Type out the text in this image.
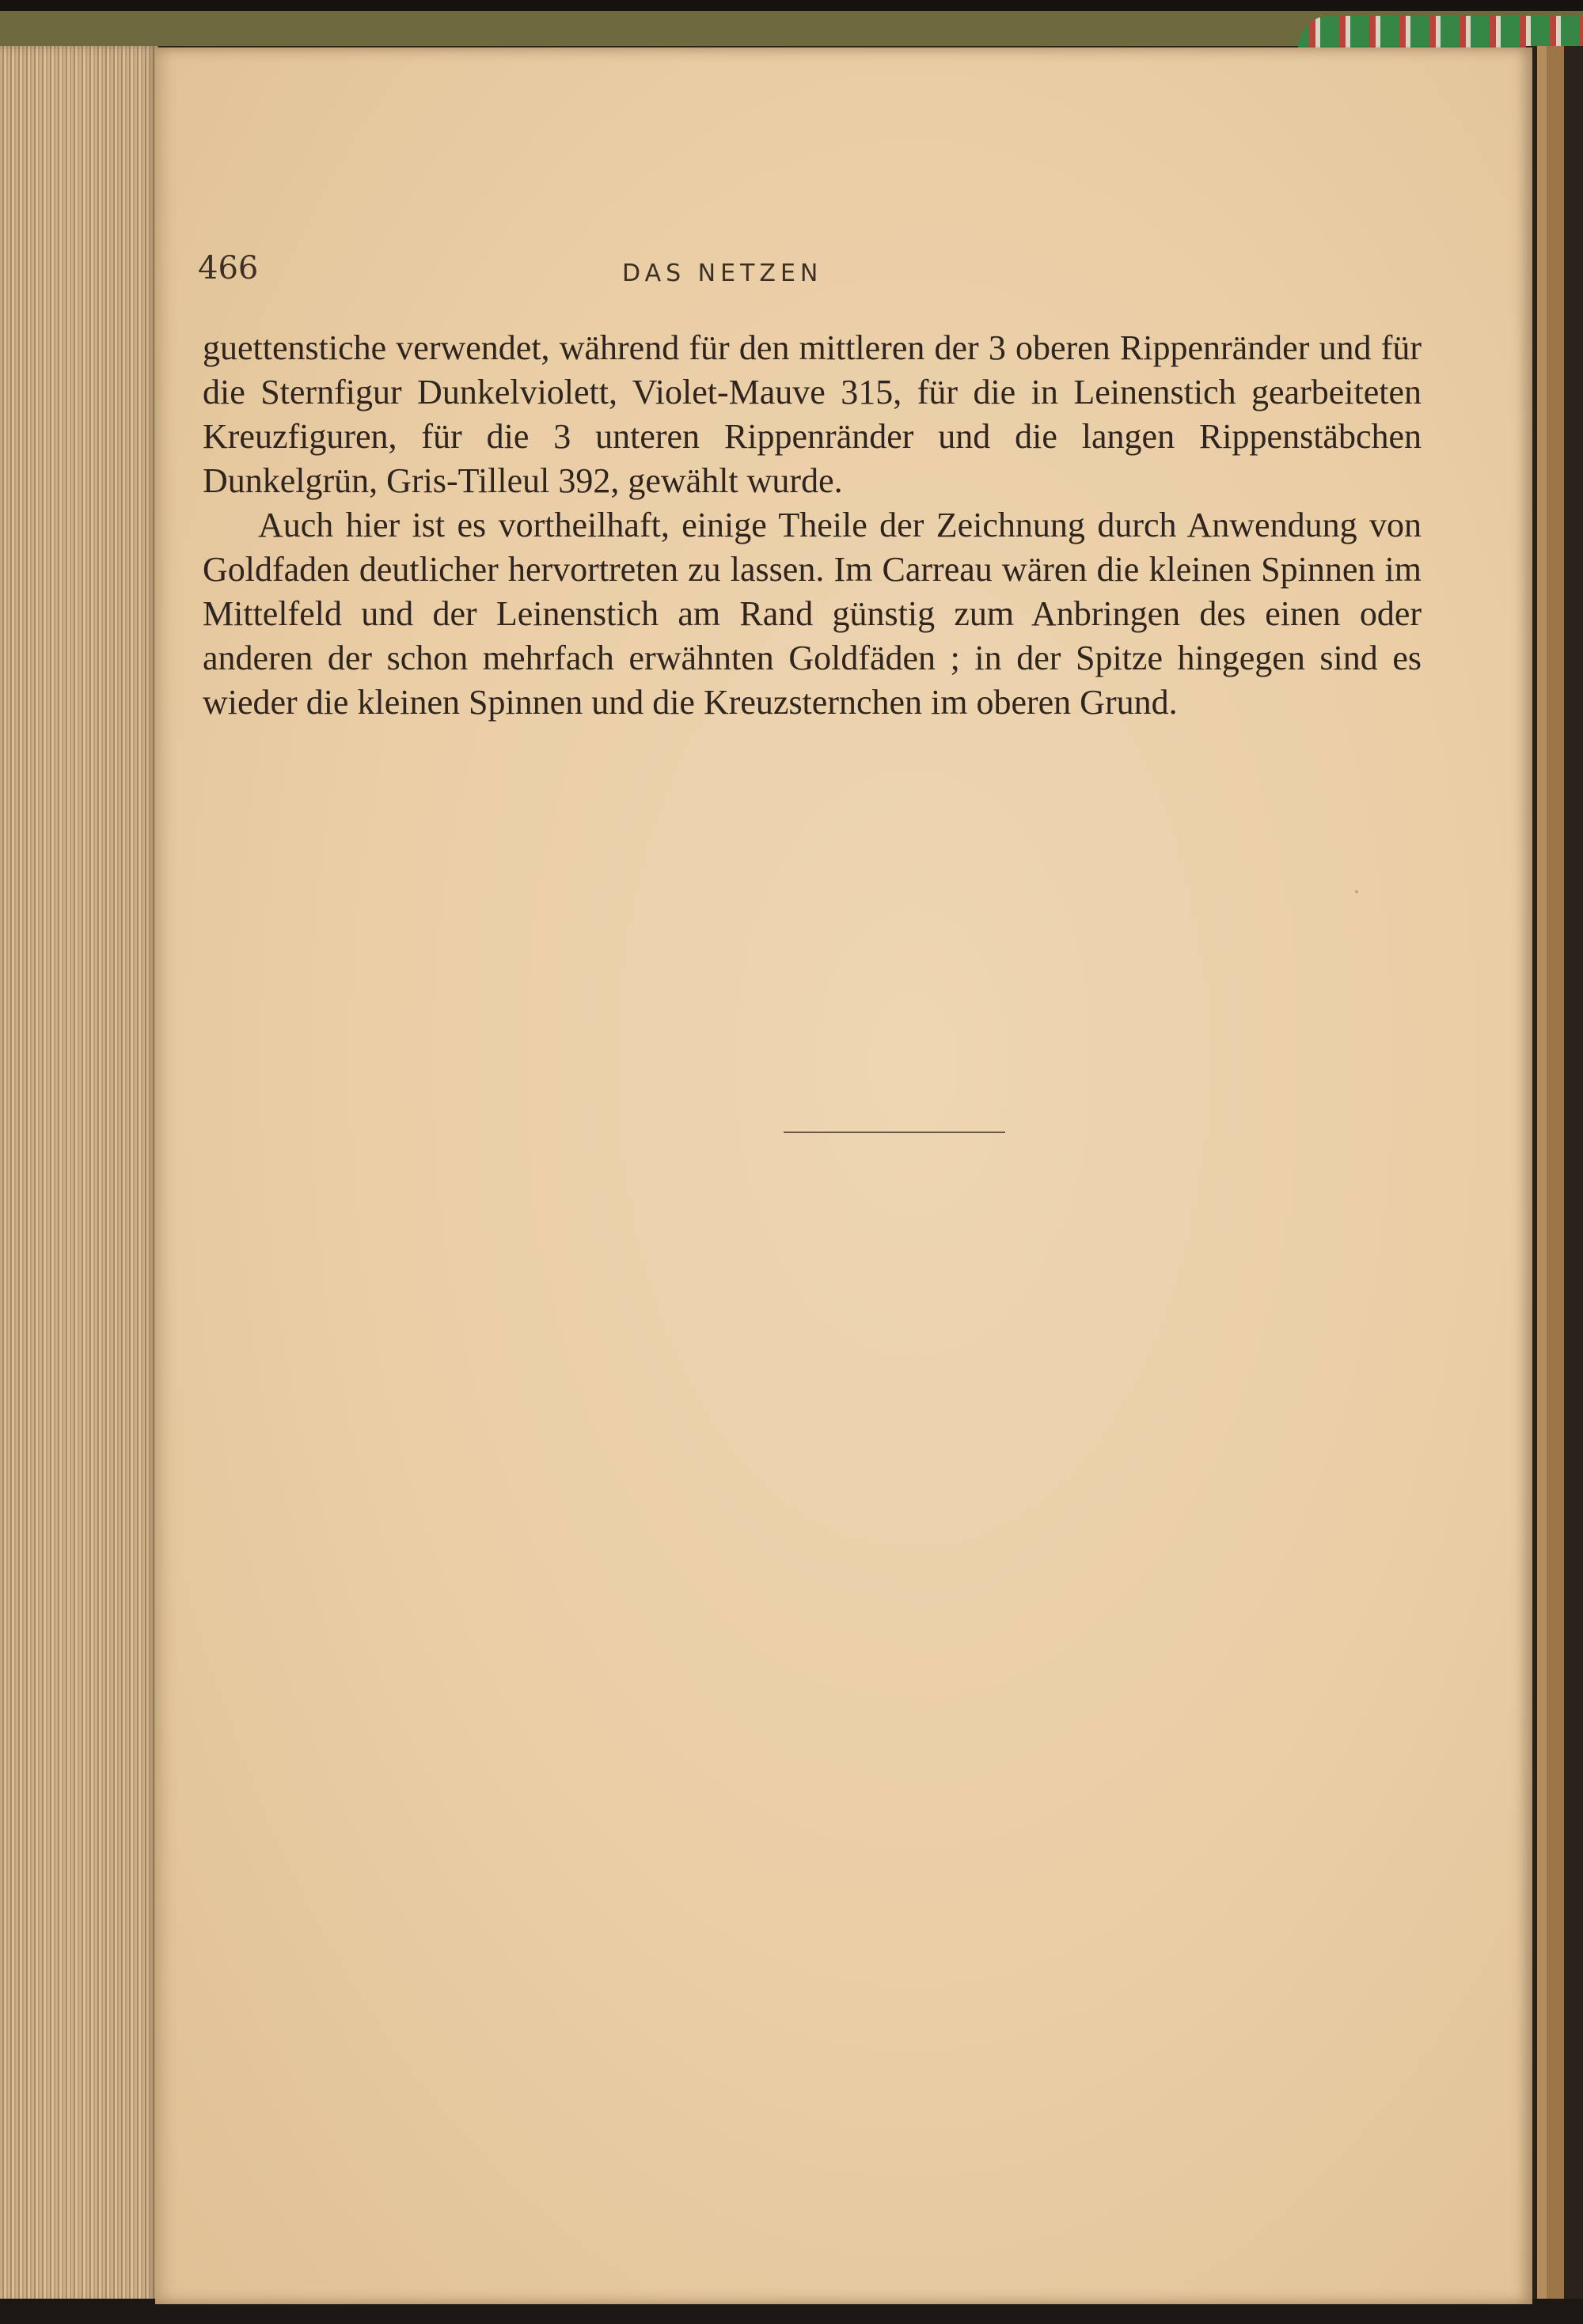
466	DAS NETZEN

guettenstiche verwendet, während für den mittleren der 3 oberen Rippenränder und für die Sternfigur Dunkelviolett, Violet-Mauve 315, für die in Leinenstich gearbeiteten Kreuzfiguren, für die 3 unteren Rippenränder und die langen Rippenstäbchen Dunkelgrün, Gris-Tilleul 392, gewählt wurde.

Auch hier ist es vortheilhaft, einige Theile der Zeichnung durch Anwendung von Goldfaden deutlicher hervortreten zu lassen. Im Carreau wären die kleinen Spinnen im Mittelfeld und der Leinenstich am Rand günstig zum Anbringen des einen oder anderen der schon mehrfach erwähnten Goldfäden ; in der Spitze hingegen sind es wieder die kleinen Spinnen und die Kreuzsternchen im oberen Grund.
